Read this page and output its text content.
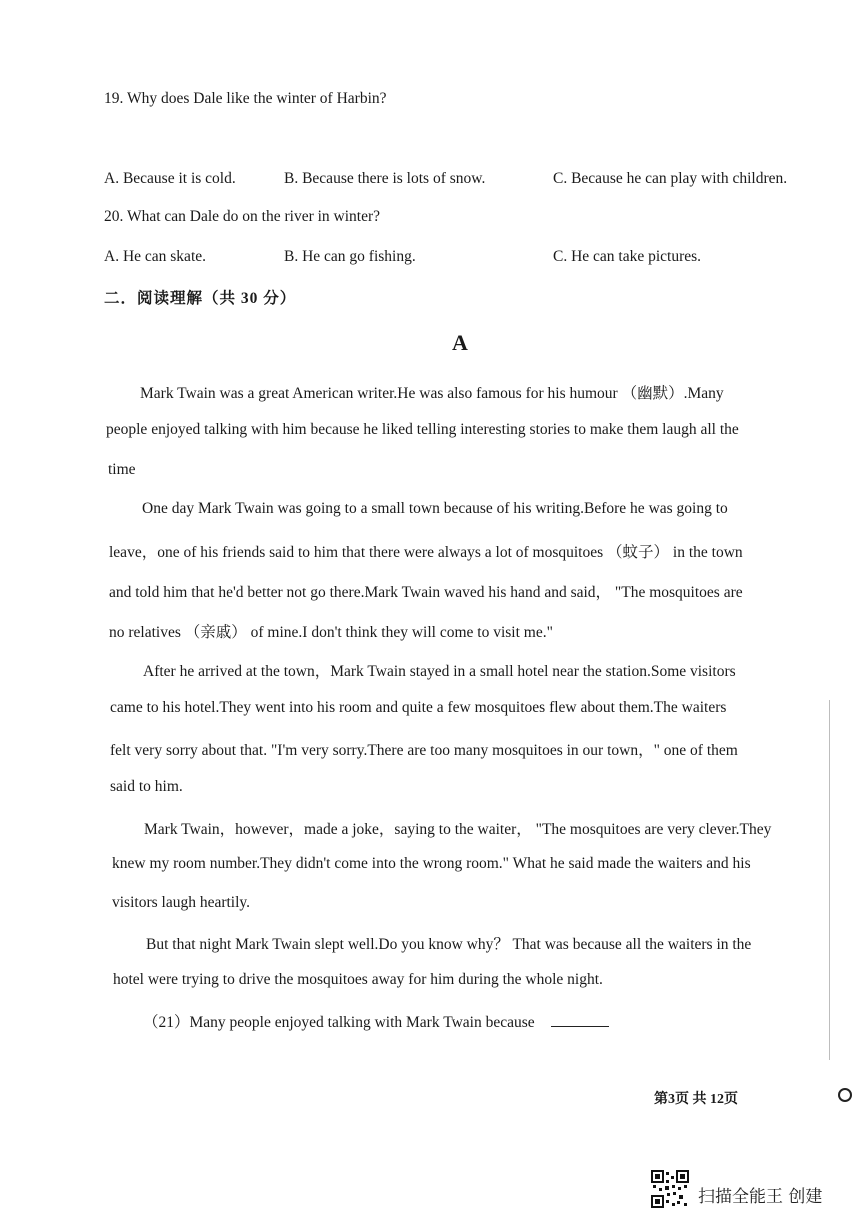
19. Why does Dale like the winter of Harbin?
A. Because it is cold.	B. Because there is lots of snow.	C. Because he can play with children.
20. What can Dale do on the river in winter?
A. He can skate.	B. He can go fishing.	C. He can take pictures.
二．阅读理解（共 30 分）
A
Mark Twain was a great American writer.He was also famous for his humour （幽默）.Many
people enjoyed talking with him because he liked telling interesting stories to make them laugh all the
time
One day Mark Twain was going to a small town because of his writing.Before he was going to
leave，one of his friends said to him that there were always a lot of mosquitoes （蚊子） in the town
and told him that he'd better not go there.Mark Twain waved his hand and said， "The mosquitoes are
no relatives （亲戚） of mine.I don't think they will come to visit me."
After he arrived at the town，Mark Twain stayed in a small hotel near the station.Some visitors
came to his hotel.They went into his room and quite a few mosquitoes flew about them.The waiters
felt very sorry about that. "I'm very sorry.There are too many mosquitoes in our town，" one of them
said to him.
Mark Twain，however，made a joke，saying to the waiter， "The mosquitoes are very clever.They
knew my room number.They didn't come into the wrong room." What he said made the waiters and his
visitors laugh heartily.
But that night Mark Twain slept well.Do you know why？ That was because all the waiters in the
hotel were trying to drive the mosquitoes away for him during the whole night.
（21）Many people enjoyed talking with Mark Twain because
第3页 共 12页
扫描全能王 创建
